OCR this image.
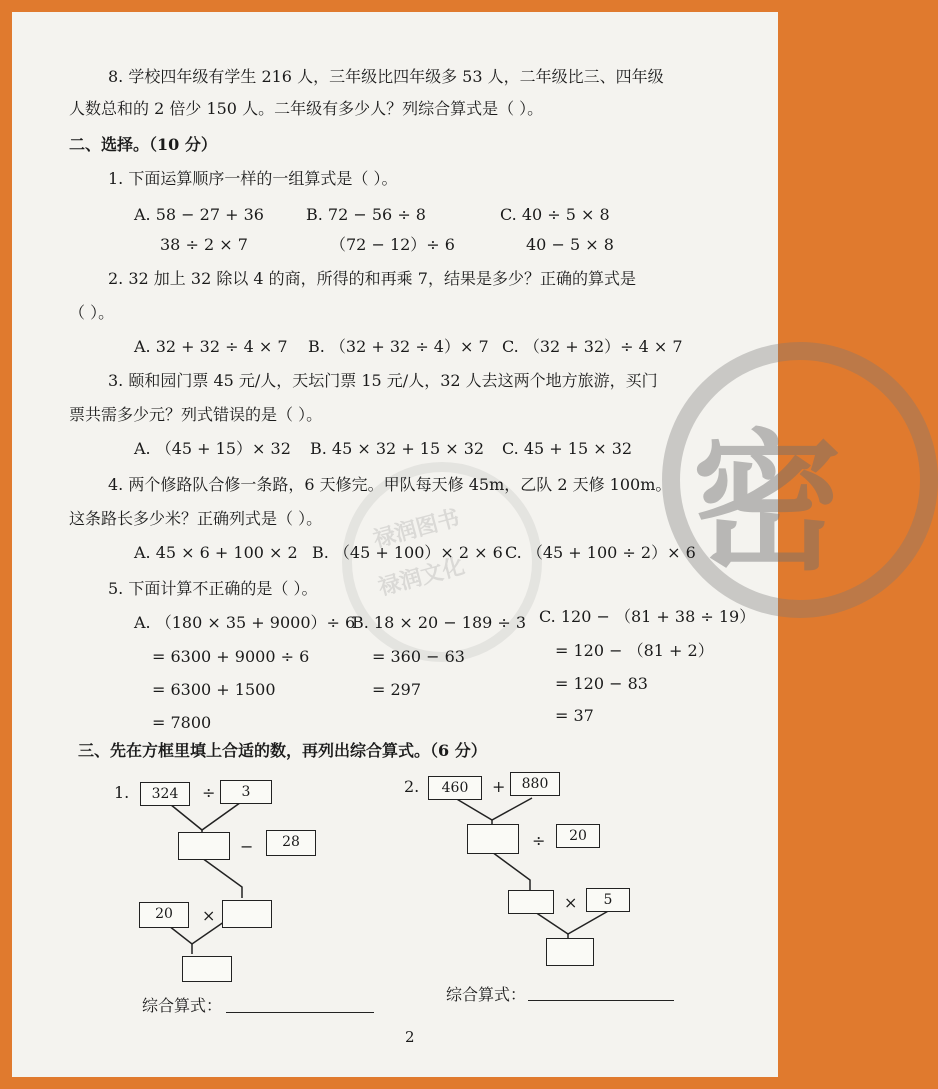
禄润图书
禄润文化 密
8. 学校四年级有学生 216 人，三年级比四年级多 53 人，二年级比三、四年级
人数总和的 2 倍少 150 人。二年级有多少人？列综合算式是（ ）。
二、选择。（10 分）
1. 下面运算顺序一样的一组算式是（ ）。
A. 58 − 27 + 36
38 ÷ 2 × 7
B. 72 − 56 ÷ 8
（72 − 12）÷ 6
C. 40 ÷ 5 × 8
40 − 5 × 8
2. 32 加上 32 除以 4 的商，所得的和再乘 7，结果是多少？正确的算式是
（ ）。
A. 32 + 32 ÷ 4 × 7 B. （32 + 32 ÷ 4）× 7 C. （32 + 32）÷ 4 × 7
3. 颐和园门票 45 元/人，天坛门票 15 元/人，32 人去这两个地方旅游，买门
票共需多少元？列式错误的是（ ）。
A. （45 + 15）× 32 B. 45 × 32 + 15 × 32 C. 45 + 15 × 32
4. 两个修路队合修一条路，6 天修完。甲队每天修 45m，乙队 2 天修 100m。
这条路长多少米？正确列式是（ ）。
A. 45 × 6 + 100 × 2 B. （45 + 100）× 2 × 6 C. （45 + 100 ÷ 2）× 6
5. 下面计算不正确的是（ ）。
A. （180 × 35 + 9000）÷ 6
= 6300 + 9000 ÷ 6
= 6300 + 1500
= 7800
B. 18 × 20 − 189 ÷ 3
= 360 − 63
= 297
C. 120 − （81 + 38 ÷ 19）
= 120 − （81 + 2）
= 120 − 83
= 37
三、先在方框里填上合适的数，再列出综合算式。（6 分）
1.	324	÷	3
−	28
20	×
综合算式：
2.	460	+	880
÷	20
×	5
综合算式：
2
